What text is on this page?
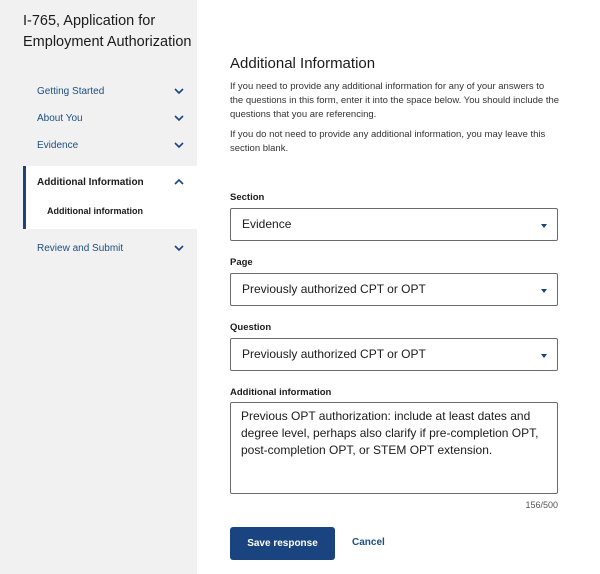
I-765, Application for Employment Authorization
Getting Started
About You
Evidence
Additional Information
Additional information
Review and Submit
Additional Information
If you need to provide any additional information for any of your answers to the questions in this form, enter it into the space below. You should include the questions that you are referencing.
If you do not need to provide any additional information, you may leave this section blank.
Section
Evidence
Page
Previously authorized CPT or OPT
Question
Previously authorized CPT or OPT
Additional information
Previous OPT authorization: include at least dates and degree level, perhaps also clarify if pre-completion OPT, post-completion OPT, or STEM OPT extension.
156/500
Save response	Cancel
